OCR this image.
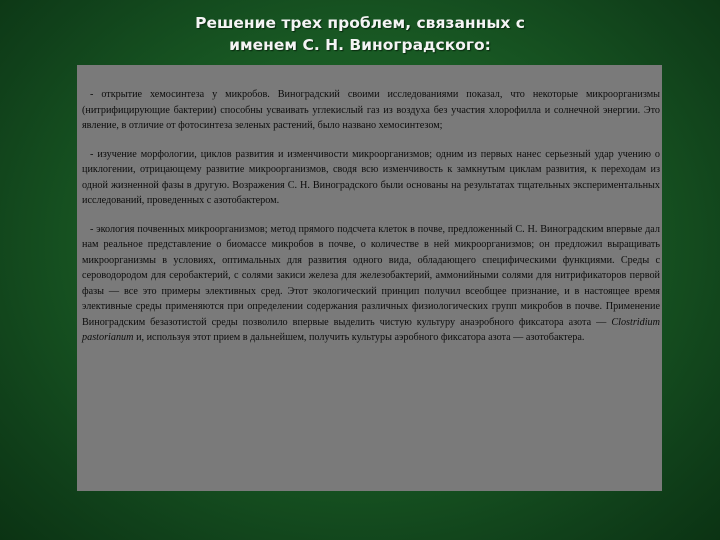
Решение трех проблем, связанных с
именем С. Н. Виноградского:

- открытие хемосинтеза у микробов. Виноградский своими исследованиями показал, что некоторые микроорганизмы (нитрифицирующие бактерии) способны усваивать углекислый газ из воздуха без участия хлорофилла и солнечной энергии. Это явление, в отличие от фотосинтеза зеленых растений, было названо хемосинтезом;

- изучение морфологии, циклов развития и изменчивости микроорганизмов; одним из первых нанес серьезный удар учению о циклогении, отрицающему развитие микроорганизмов, сводя всю изменчивость к замкнутым циклам развития, к переходам из одной жизненной фазы в другую. Возражения С. Н. Виноградского были основаны на результатах тщательных экспериментальных исследований, проведенных с азотобактером.

- экология почвенных микроорганизмов; метод прямого подсчета клеток в почве, предложенный С. Н. Виноградским впервые дал нам реальное представление о биомассе микробов в почве, о количестве в ней микроорганизмов; он предложил выращивать микроорганизмы в условиях, оптимальных для развития одного вида, обладающего специфическими функциями. Среды с сероводородом для серобактерий, с солями закиси железа для железобактерий, аммонийными солями для нитрификаторов первой фазы — все это примеры элективных сред. Этот экологический принцип получил всеобщее признание, и в настоящее время элективные среды применяются при определении содержания различных физиологических групп микробов в почве. Применение Виноградским безазотистой среды позволило впервые выделить чистую культуру анаэробного фиксатора азота — Clostridium pastorianum и, используя этот прием в дальнейшем, получить культуры аэробного фиксатора азота — азотобактера.
